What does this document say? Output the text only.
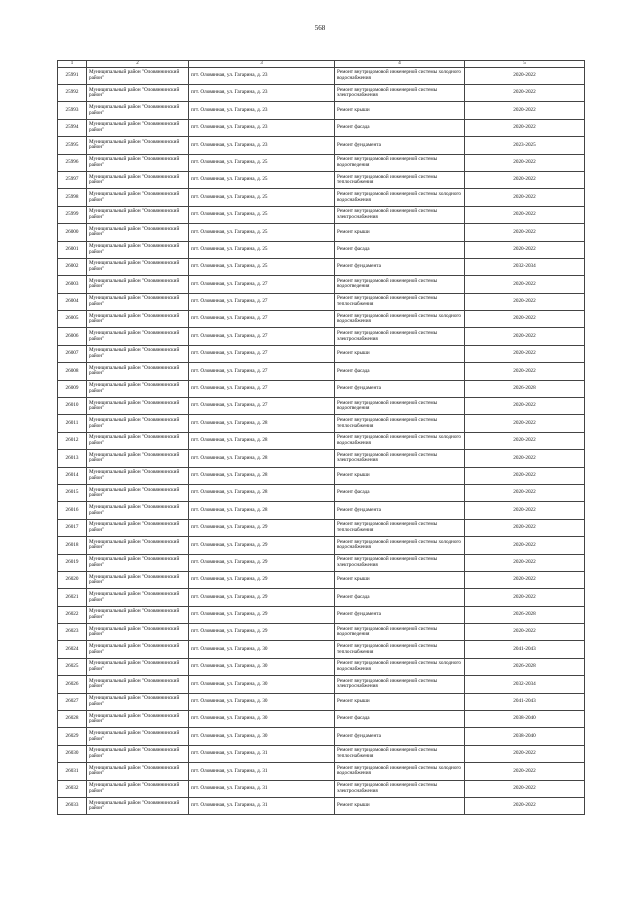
568
1	2	3	4	5
25991	Муниципальный район "Оловяннинский район"	пгт. Оловянная, ул. Гагарина, д. 23	Ремонт внутридомовой инженерной системы холодного водоснабжения	2020-2022
25992	Муниципальный район "Оловяннинский район"	пгт. Оловянная, ул. Гагарина, д. 23	Ремонт внутридомовой инженерной системы электроснабжения	2020-2022
25993	Муниципальный район "Оловяннинский район"	пгт. Оловянная, ул. Гагарина, д. 23	Ремонт крыши	2020-2022
25994	Муниципальный район "Оловяннинский район"	пгт. Оловянная, ул. Гагарина, д. 23	Ремонт фасада	2020-2022
25995	Муниципальный район "Оловяннинский район"	пгт. Оловянная, ул. Гагарина, д. 23	Ремонт фундамента	2023-2025
25996	Муниципальный район "Оловяннинский район"	пгт. Оловянная, ул. Гагарина, д. 25	Ремонт внутридомовой инженерной системы водоотведения	2020-2022
25997	Муниципальный район "Оловяннинский район"	пгт. Оловянная, ул. Гагарина, д. 25	Ремонт внутридомовой инженерной системы теплоснабжения	2020-2022
25998	Муниципальный район "Оловяннинский район"	пгт. Оловянная, ул. Гагарина, д. 25	Ремонт внутридомовой инженерной системы холодного водоснабжения	2020-2022
25999	Муниципальный район "Оловяннинский район"	пгт. Оловянная, ул. Гагарина, д. 25	Ремонт внутридомовой инженерной системы электроснабжения	2020-2022
26000	Муниципальный район "Оловяннинский район"	пгт. Оловянная, ул. Гагарина, д. 25	Ремонт крыши	2020-2022
26001	Муниципальный район "Оловяннинский район"	пгт. Оловянная, ул. Гагарина, д. 25	Ремонт фасада	2020-2022
26002	Муниципальный район "Оловяннинский район"	пгт. Оловянная, ул. Гагарина, д. 25	Ремонт фундамента	2032-2034
26003	Муниципальный район "Оловяннинский район"	пгт. Оловянная, ул. Гагарина, д. 27	Ремонт внутридомовой инженерной системы водоотведения	2020-2022
26004	Муниципальный район "Оловяннинский район"	пгт. Оловянная, ул. Гагарина, д. 27	Ремонт внутридомовой инженерной системы теплоснабжения	2020-2022
26005	Муниципальный район "Оловяннинский район"	пгт. Оловянная, ул. Гагарина, д. 27	Ремонт внутридомовой инженерной системы холодного водоснабжения	2020-2022
26006	Муниципальный район "Оловяннинский район"	пгт. Оловянная, ул. Гагарина, д. 27	Ремонт внутридомовой инженерной системы электроснабжения	2020-2022
26007	Муниципальный район "Оловяннинский район"	пгт. Оловянная, ул. Гагарина, д. 27	Ремонт крыши	2020-2022
26008	Муниципальный район "Оловяннинский район"	пгт. Оловянная, ул. Гагарина, д. 27	Ремонт фасада	2020-2022
26009	Муниципальный район "Оловяннинский район"	пгт. Оловянная, ул. Гагарина, д. 27	Ремонт фундамента	2026-2028
26010	Муниципальный район "Оловяннинский район"	пгт. Оловянная, ул. Гагарина, д. 27	Ремонт внутридомовой инженерной системы водоотведения	2020-2022
26011	Муниципальный район "Оловяннинский район"	пгт. Оловянная, ул. Гагарина, д. 28	Ремонт внутридомовой инженерной системы теплоснабжения	2020-2022
26012	Муниципальный район "Оловяннинский район"	пгт. Оловянная, ул. Гагарина, д. 28	Ремонт внутридомовой инженерной системы холодного водоснабжения	2020-2022
26013	Муниципальный район "Оловяннинский район"	пгт. Оловянная, ул. Гагарина, д. 28	Ремонт внутридомовой инженерной системы электроснабжения	2020-2022
26014	Муниципальный район "Оловяннинский район"	пгт. Оловянная, ул. Гагарина, д. 28	Ремонт крыши	2020-2022
26015	Муниципальный район "Оловяннинский район"	пгт. Оловянная, ул. Гагарина, д. 28	Ремонт фасада	2020-2022
26016	Муниципальный район "Оловяннинский район"	пгт. Оловянная, ул. Гагарина, д. 28	Ремонт фундамента	2020-2022
26017	Муниципальный район "Оловяннинский район"	пгт. Оловянная, ул. Гагарина, д. 29	Ремонт внутридомовой инженерной системы теплоснабжения	2020-2022
26018	Муниципальный район "Оловяннинский район"	пгт. Оловянная, ул. Гагарина, д. 29	Ремонт внутридомовой инженерной системы холодного водоснабжения	2020-2022
26019	Муниципальный район "Оловяннинский район"	пгт. Оловянная, ул. Гагарина, д. 29	Ремонт внутридомовой инженерной системы электроснабжения	2020-2022
26020	Муниципальный район "Оловяннинский район"	пгт. Оловянная, ул. Гагарина, д. 29	Ремонт крыши	2020-2022
26021	Муниципальный район "Оловяннинский район"	пгт. Оловянная, ул. Гагарина, д. 29	Ремонт фасада	2020-2022
26022	Муниципальный район "Оловяннинский район"	пгт. Оловянная, ул. Гагарина, д. 29	Ремонт фундамента	2026-2028
26023	Муниципальный район "Оловяннинский район"	пгт. Оловянная, ул. Гагарина, д. 29	Ремонт внутридомовой инженерной системы водоотведения	2020-2022
26024	Муниципальный район "Оловяннинский район"	пгт. Оловянная, ул. Гагарина, д. 30	Ремонт внутридомовой инженерной системы теплоснабжения	2041-2043
26025	Муниципальный район "Оловяннинский район"	пгт. Оловянная, ул. Гагарина, д. 30	Ремонт внутридомовой инженерной системы холодного водоснабжения	2026-2028
26026	Муниципальный район "Оловяннинский район"	пгт. Оловянная, ул. Гагарина, д. 30	Ремонт внутридомовой инженерной системы электроснабжения	2032-2034
26027	Муниципальный район "Оловяннинский район"	пгт. Оловянная, ул. Гагарина, д. 30	Ремонт крыши	2041-2043
26028	Муниципальный район "Оловяннинский район"	пгт. Оловянная, ул. Гагарина, д. 30	Ремонт фасада	2038-2040
26029	Муниципальный район "Оловяннинский район"	пгт. Оловянная, ул. Гагарина, д. 30	Ремонт фундамента	2038-2040
26030	Муниципальный район "Оловяннинский район"	пгт. Оловянная, ул. Гагарина, д. 31	Ремонт внутридомовой инженерной системы теплоснабжения	2020-2022
26031	Муниципальный район "Оловяннинский район"	пгт. Оловянная, ул. Гагарина, д. 31	Ремонт внутридомовой инженерной системы холодного водоснабжения	2020-2022
26032	Муниципальный район "Оловяннинский район"	пгт. Оловянная, ул. Гагарина, д. 31	Ремонт внутридомовой инженерной системы электроснабжения	2020-2022
26033	Муниципальный район "Оловяннинский район"	пгт. Оловянная, ул. Гагарина, д. 31	Ремонт крыши	2020-2022
